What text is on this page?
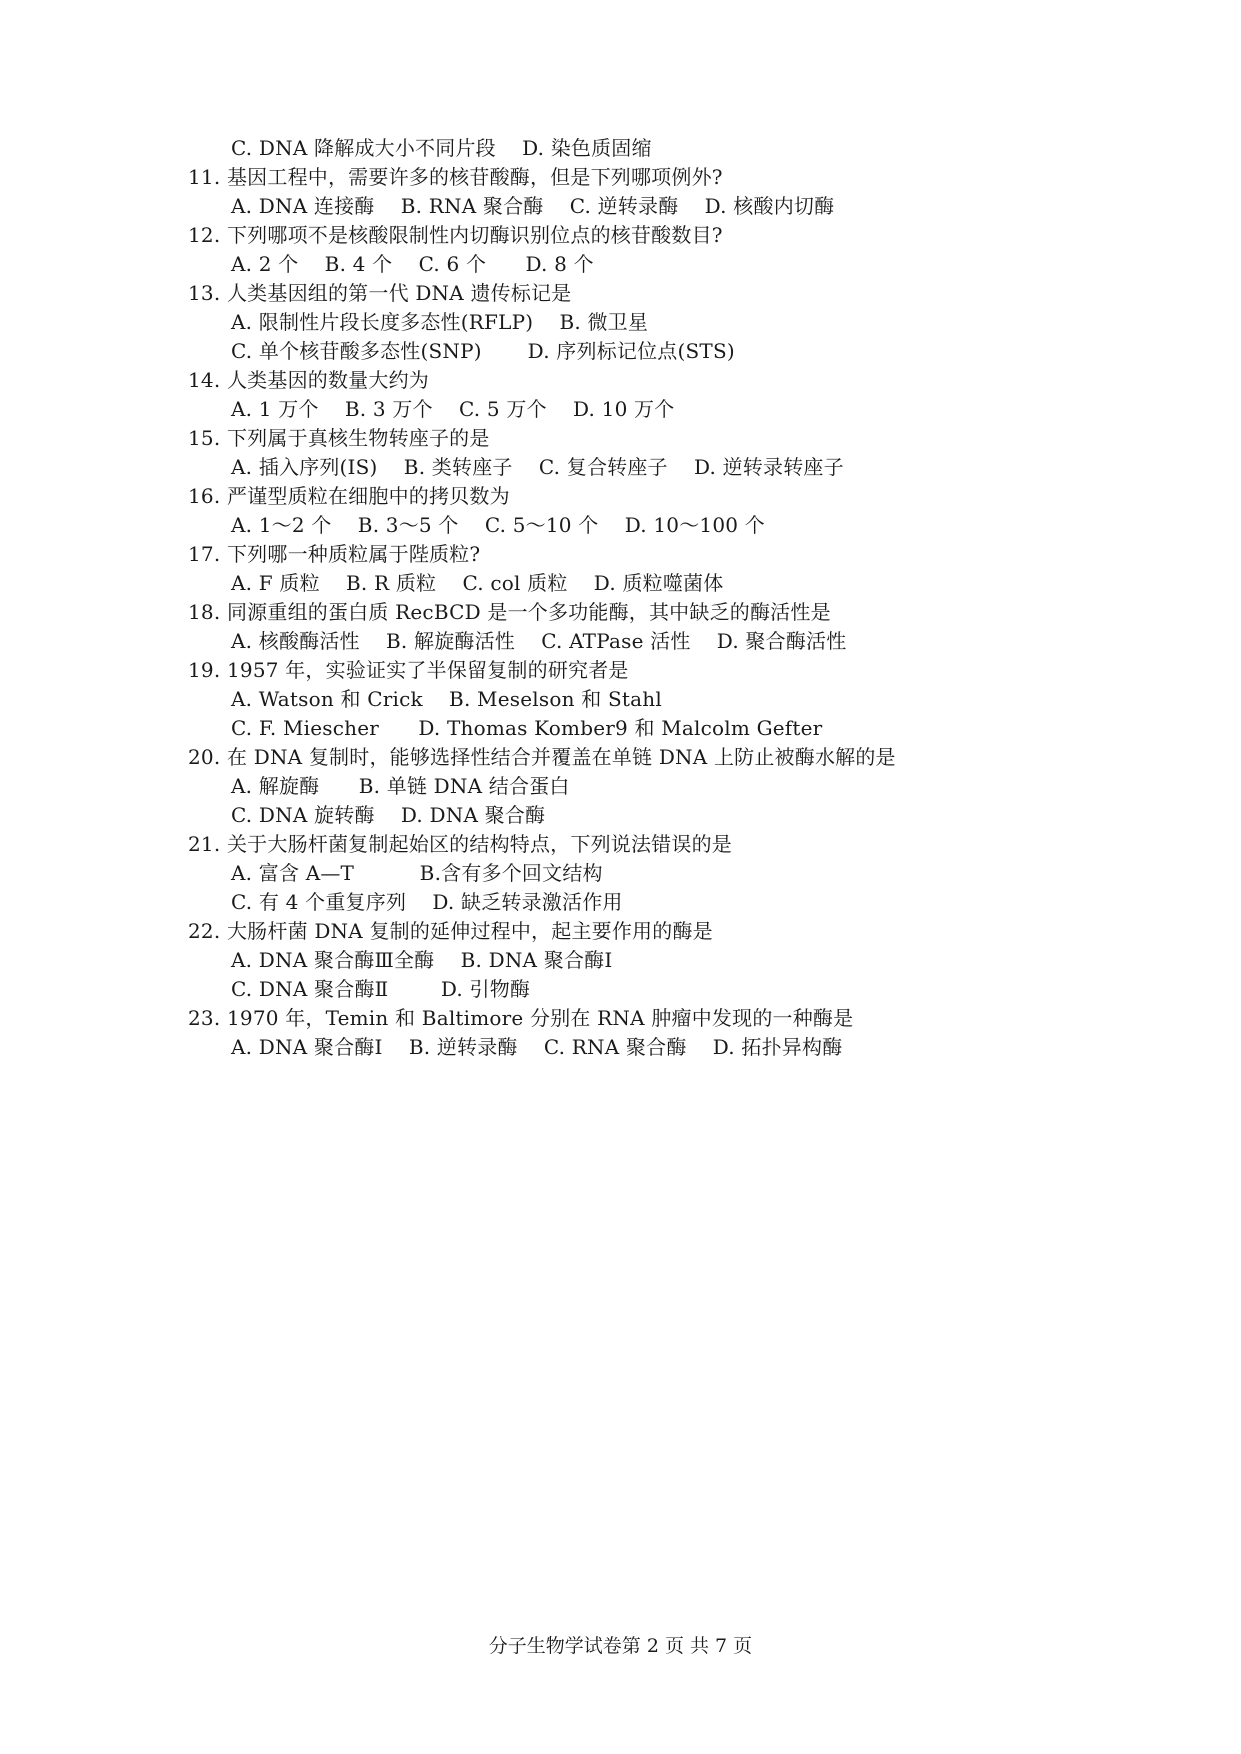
C. DNA 降解成大小不同片段    D. 染色质固缩
11. 基因工程中，需要许多的核苷酸酶，但是下列哪项例外?
A. DNA 连接酶    B. RNA 聚合酶    C. 逆转录酶    D. 核酸内切酶
12. 下列哪项不是核酸限制性内切酶识别位点的核苷酸数目?
A. 2 个    B. 4 个    C. 6 个      D. 8 个
13. 人类基因组的第一代 DNA 遗传标记是
A. 限制性片段长度多态性(RFLP)    B. 微卫星
C. 单个核苷酸多态性(SNP)       D. 序列标记位点(STS)
14. 人类基因的数量大约为
A. 1 万个    B. 3 万个    C. 5 万个    D. 10 万个
15. 下列属于真核生物转座子的是
A. 插入序列(IS)    B. 类转座子    C. 复合转座子    D. 逆转录转座子
16. 严谨型质粒在细胞中的拷贝数为
A. 1～2 个    B. 3～5 个    C. 5～10 个    D. 10～100 个
17. 下列哪一种质粒属于陛质粒?
A. F 质粒    B. R 质粒    C. col 质粒    D. 质粒噬菌体
18. 同源重组的蛋白质 RecBCD 是一个多功能酶，其中缺乏的酶活性是
A. 核酸酶活性    B. 解旋酶活性    C. ATPase 活性    D. 聚合酶活性
19. 1957 年，实验证实了半保留复制的研究者是
A. Watson 和 Crick    B. Meselson 和 Stahl
C. F. Miescher      D. Thomas Komber9 和 Malcolm Gefter
20. 在 DNA 复制时，能够选择性结合并覆盖在单链 DNA 上防止被酶水解的是
A. 解旋酶      B. 单链 DNA 结合蛋白
C. DNA 旋转酶    D. DNA 聚合酶
21. 关于大肠杆菌复制起始区的结构特点，下列说法错误的是
A. 富含 A—T          B.含有多个回文结构
C. 有 4 个重复序列    D. 缺乏转录激活作用
22. 大肠杆菌 DNA 复制的延伸过程中，起主要作用的酶是
A. DNA 聚合酶Ⅲ全酶    B. DNA 聚合酶Ⅰ
C. DNA 聚合酶Ⅱ        D. 引物酶
23. 1970 年，Temin 和 Baltimore 分别在 RNA 肿瘤中发现的一种酶是
A. DNA 聚合酶Ⅰ    B. 逆转录酶    C. RNA 聚合酶    D. 拓扑异构酶
分子生物学试卷第 2 页 共 7 页
